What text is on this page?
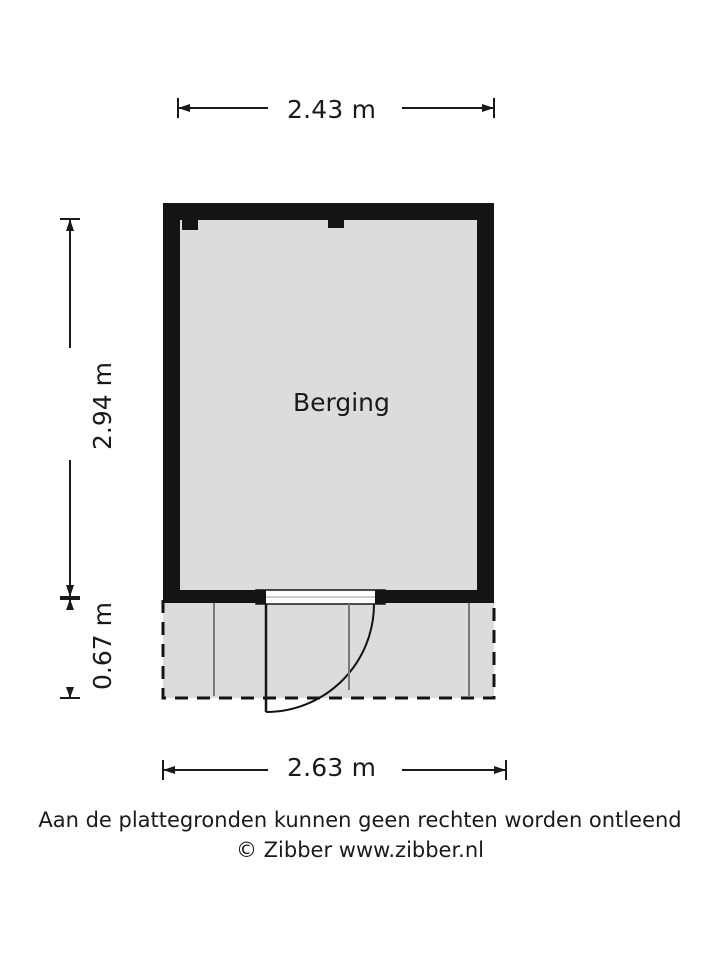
2.43 m
2.63 m
2.94 m
0.67 m
Berging
Aan de plattegronden kunnen geen rechten worden ontleend
© Zibber www.zibber.nl
